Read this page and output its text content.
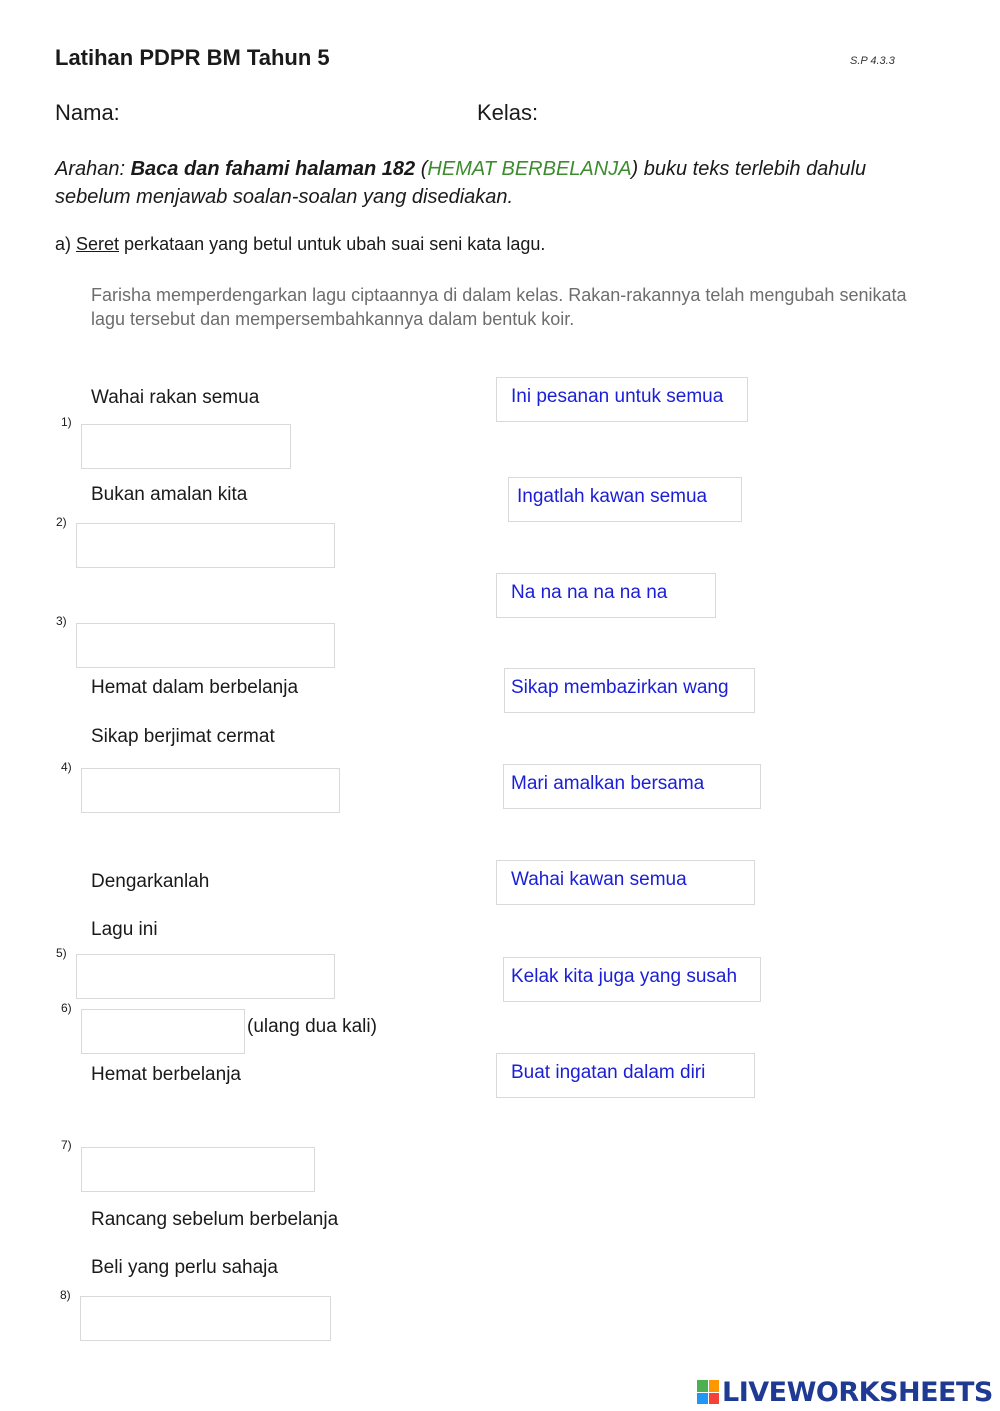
Latihan PDPR BM Tahun 5	S.P 4.3.3
Nama:	Kelas:
Arahan: Baca dan fahami halaman 182 (HEMAT BERBELANJA) buku teks terlebih dahulu sebelum menjawab soalan-soalan yang disediakan.
a) Seret perkataan yang betul untuk ubah suai seni kata lagu.
Farisha memperdengarkan lagu ciptaannya di dalam kelas. Rakan-rakannya telah mengubah senikata lagu tersebut dan mempersembahkannya dalam bentuk koir.
Wahai rakan semua
Bukan amalan kita
Hemat dalam berbelanja
Sikap berjimat cermat
Dengarkanlah
Lagu ini
(ulang dua kali)
Hemat berbelanja
Rancang sebelum berbelanja
Beli yang perlu sahaja
1)
2)
3)
4)
5)
6)
7)
8)
Ini pesanan untuk semua
Ingatlah kawan semua
Na na na na na na
Sikap membazirkan wang
Mari amalkan bersama
Wahai kawan semua
Kelak kita juga yang susah
Buat ingatan dalam diri
LIVEWORKSHEETS
